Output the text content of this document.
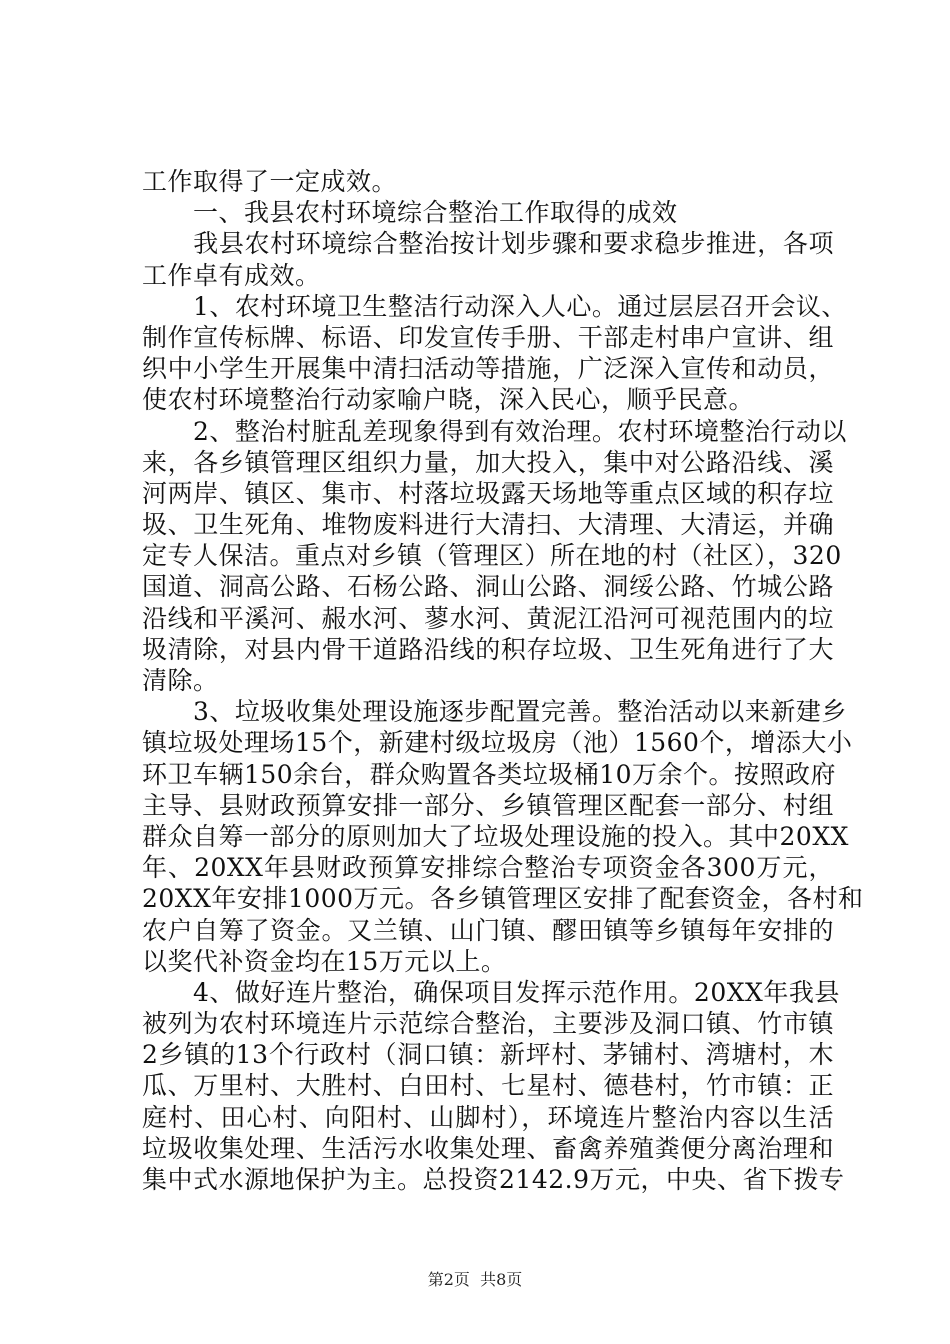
工作取得了一定成效。
　　一、我县农村环境综合整治工作取得的成效
　　我县农村环境综合整治按计划步骤和要求稳步推进，各项
工作卓有成效。
　　1、农村环境卫生整洁行动深入人心。通过层层召开会议、
制作宣传标牌、标语、印发宣传手册、干部走村串户宣讲、组
织中小学生开展集中清扫活动等措施，广泛深入宣传和动员，
使农村环境整治行动家喻户晓，深入民心，顺乎民意。
　　2、整治村脏乱差现象得到有效治理。农村环境整治行动以
来，各乡镇管理区组织力量，加大投入，集中对公路沿线、溪
河两岸、镇区、集市、村落垃圾露天场地等重点区域的积存垃
圾、卫生死角、堆物废料进行大清扫、大清理、大清运，并确
定专人保洁。重点对乡镇（管理区）所在地的村（社区），320
国道、洞高公路、石杨公路、洞山公路、洞绥公路、竹城公路
沿线和平溪河、赧水河、蓼水河、黄泥江沿河可视范围内的垃
圾清除，对县内骨干道路沿线的积存垃圾、卫生死角进行了大
清除。
　　3、垃圾收集处理设施逐步配置完善。整治活动以来新建乡
镇垃圾处理场15个，新建村级垃圾房（池）1560个，增添大小
环卫车辆150余台，群众购置各类垃圾桶10万余个。按照政府
主导、县财政预算安排一部分、乡镇管理区配套一部分、村组
群众自筹一部分的原则加大了垃圾处理设施的投入。其中20XX
年、20XX年县财政预算安排综合整治专项资金各300万元，
20XX年安排1000万元。各乡镇管理区安排了配套资金，各村和
农户自筹了资金。又兰镇、山门镇、醪田镇等乡镇每年安排的
以奖代补资金均在15万元以上。
　　4、做好连片整治，确保项目发挥示范作用。20XX年我县
被列为农村环境连片示范综合整治，主要涉及洞口镇、竹市镇
2乡镇的13个行政村（洞口镇：新坪村、茅铺村、湾塘村，木
瓜、万里村、大胜村、白田村、七星村、德巷村，竹市镇：正
庭村、田心村、向阳村、山脚村），环境连片整治内容以生活
垃圾收集处理、生活污水收集处理、畜禽养殖粪便分离治理和
集中式水源地保护为主。总投资2142.9万元，中央、省下拨专
第2页  共8页
